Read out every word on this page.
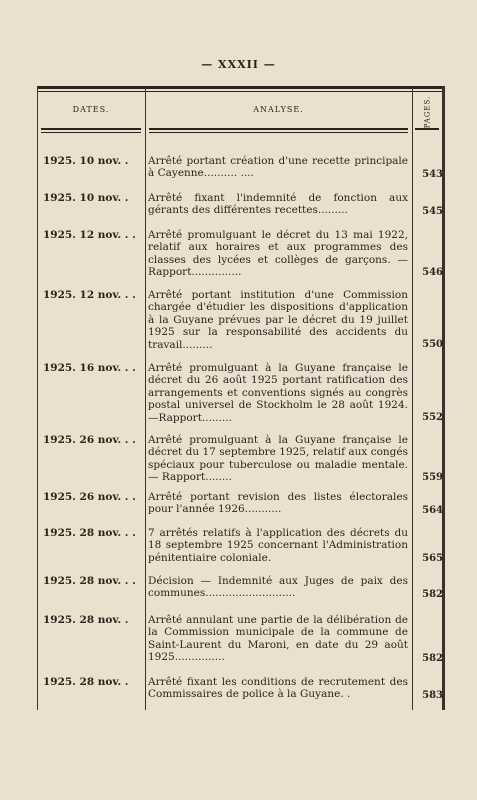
— XXXII —
DATES.	ANALYSE.	PAGES.
1925. 10 nov. .	Arrêté portant création d'une recette principale à Cayenne.......... ....	543
1925. 10 nov. .	Arrêté fixant l'indemnité de fonction aux gérants des différentes recettes.........	545
1925. 12 nov. . .	Arrêté promulguant le décret du 13 mai 1922, relatif aux horaires et aux programmes des classes des lycées et collèges de garçons. — Rapport...............	546
1925. 12 nov. . .	Arrêté portant institution d'une Commission chargée d'étudier les dispositions d'application à la Guyane prévues par le décret du 19 juillet 1925 sur la responsabilité des accidents du travail.........	550
1925. 16 nov. . .	Arrêté promulguant à la Guyane française le décret du 26 août 1925 portant ratification des arrangements et conventions signés au congrès postal universel de Stockholm le 28 août 1924. —Rapport.........	552
1925. 26 nov. . .	Arrêté promulguant à la Guyane française le décret du 17 septembre 1925, relatif aux congés spéciaux pour tuberculose ou maladie mentale. — Rapport........	559
1925. 26 nov. . .	Arrêté portant revision des listes électorales pour l'année 1926...........	564
1925. 28 nov. . .	7 arrêtés relatifs à l'application des décrets du 18 septembre 1925 concernant l'Administration pénitentiaire coloniale.	565
1925. 28 nov. . .	Décision — Indemnité aux Juges de paix des communes...........................	582
1925. 28 nov. .	Arrêté annulant une partie de la délibération de la Commission municipale de la commune de Saint-Laurent du Maroni, en date du 29 août 1925...............	582
1925. 28 nov. .	Arrêté fixant les conditions de recrutement des Commissaires de police à la Guyane. .	583
